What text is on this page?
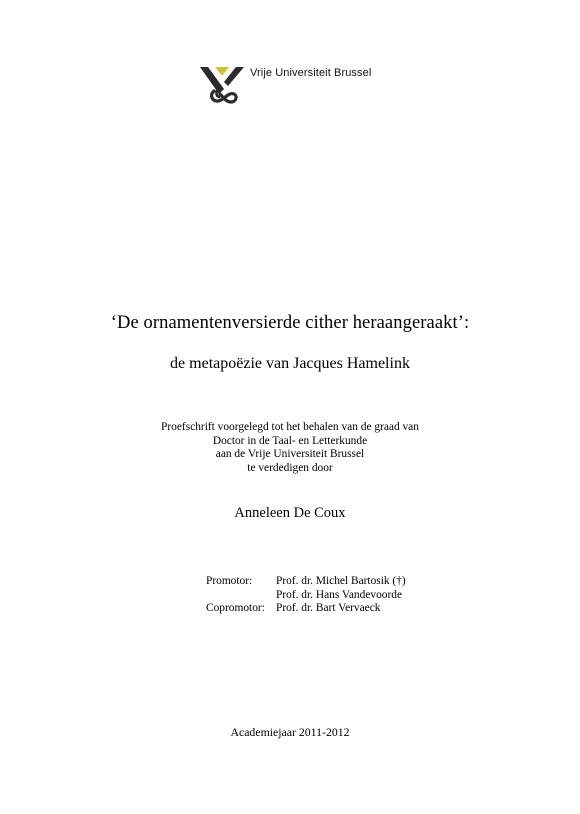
Vrije Universiteit Brussel
‘De ornamentenversierde cither heraangeraakt’:
de metapoëzie van Jacques Hamelink
Proefschrift voorgelegd tot het behalen van de graad van
Doctor in de Taal- en Letterkunde
aan de Vrije Universiteit Brussel
te verdedigen door
Anneleen De Coux
Promotor:	Prof. dr. Michel Bartosik (†)
Prof. dr. Hans Vandevoorde
Copromotor: Prof. dr. Bart Vervaeck
Academiejaar 2011-2012
